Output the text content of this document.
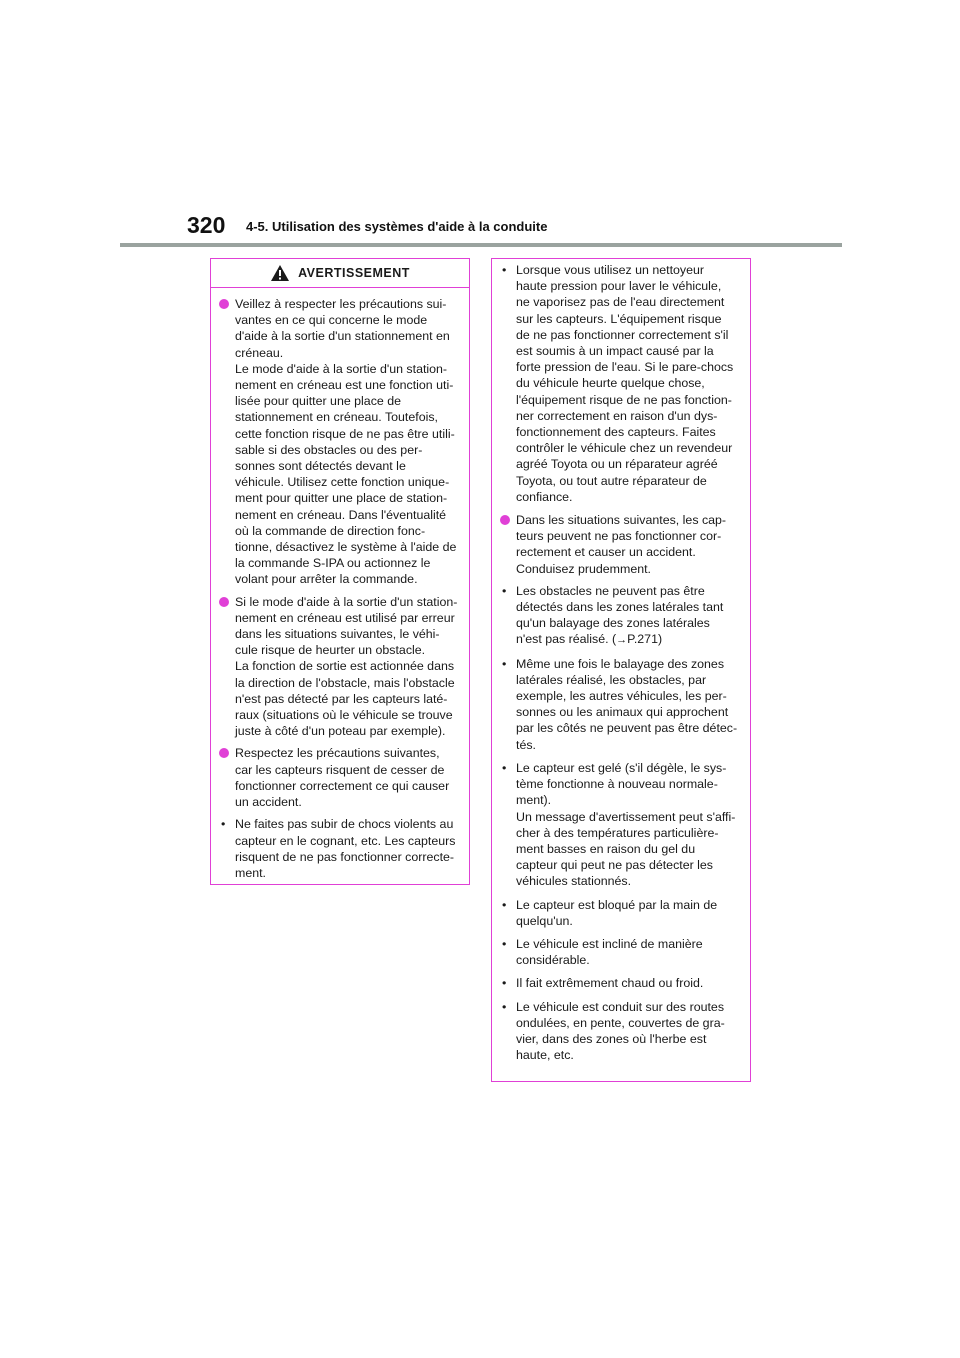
320 4-5. Utilisation des systèmes d'aide à la conduite
AVERTISSEMENT
Veillez à respecter les précautions sui-
vantes en ce qui concerne le mode
d'aide à la sortie d'un stationnement en
créneau.
Le mode d'aide à la sortie d'un station-
nement en créneau est une fonction uti-
lisée pour quitter une place de
stationnement en créneau. Toutefois,
cette fonction risque de ne pas être utili-
sable si des obstacles ou des per-
sonnes sont détectés devant le
véhicule. Utilisez cette fonction unique-
ment pour quitter une place de station-
nement en créneau. Dans l'éventualité
où la commande de direction fonc-
tionne, désactivez le système à l'aide de
la commande S-IPA ou actionnez le
volant pour arrêter la commande.
Si le mode d'aide à la sortie d'un station-
nement en créneau est utilisé par erreur
dans les situations suivantes, le véhi-
cule risque de heurter un obstacle.
La fonction de sortie est actionnée dans
la direction de l'obstacle, mais l'obstacle
n'est pas détecté par les capteurs laté-
raux (situations où le véhicule se trouve
juste à côté d'un poteau par exemple).
Respectez les précautions suivantes,
car les capteurs risquent de cesser de
fonctionner correctement ce qui causer
un accident.
• Ne faites pas subir de chocs violents au
capteur en le cognant, etc. Les capteurs
risquent de ne pas fonctionner correcte-
ment.
• Lorsque vous utilisez un nettoyeur
haute pression pour laver le véhicule,
ne vaporisez pas de l'eau directement
sur les capteurs. L'équipement risque
de ne pas fonctionner correctement s'il
est soumis à un impact causé par la
forte pression de l'eau. Si le pare-chocs
du véhicule heurte quelque chose,
l'équipement risque de ne pas fonction-
ner correctement en raison d'un dys-
fonctionnement des capteurs. Faites
contrôler le véhicule chez un revendeur
agréé Toyota ou un réparateur agréé
Toyota, ou tout autre réparateur de
confiance.
Dans les situations suivantes, les cap-
teurs peuvent ne pas fonctionner cor-
rectement et causer un accident.
Conduisez prudemment.
• Les obstacles ne peuvent pas être
détectés dans les zones latérales tant
qu'un balayage des zones latérales
n'est pas réalisé. (→P.271)
• Même une fois le balayage des zones
latérales réalisé, les obstacles, par
exemple, les autres véhicules, les per-
sonnes ou les animaux qui approchent
par les côtés ne peuvent pas être détec-
tés.
• Le capteur est gelé (s'il dégèle, le sys-
tème fonctionne à nouveau normale-
ment).
Un message d'avertissement peut s'affi-
cher à des températures particulière-
ment basses en raison du gel du
capteur qui peut ne pas détecter les
véhicules stationnés.
• Le capteur est bloqué par la main de
quelqu'un.
• Le véhicule est incliné de manière
considérable.
• Il fait extrêmement chaud ou froid.
• Le véhicule est conduit sur des routes
ondulées, en pente, couvertes de gra-
vier, dans des zones où l'herbe est
haute, etc.
